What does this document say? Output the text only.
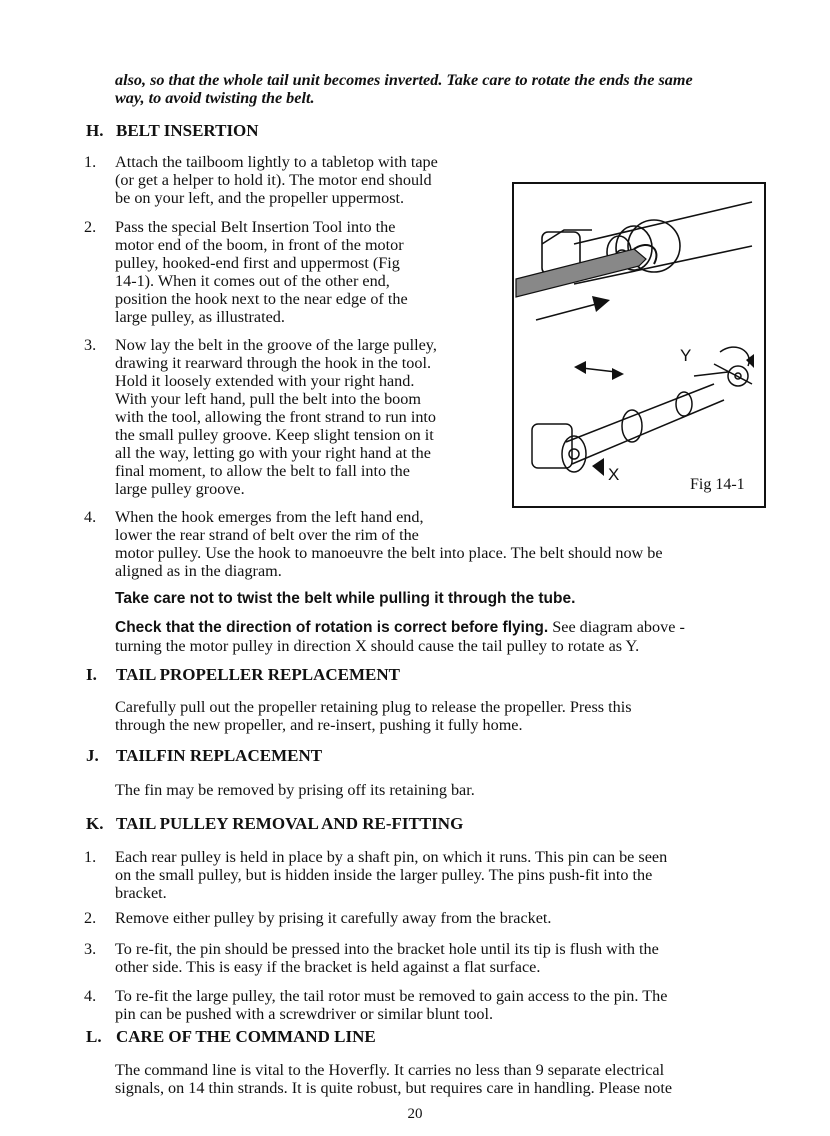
also, so that the whole tail unit becomes inverted. Take care to rotate the ends the same
way, to avoid twisting the belt.
H. BELT INSERTION
1. Attach the tailboom lightly to a tabletop with tape
(or get a helper to hold it). The motor end should
be on your left, and the propeller uppermost.
2. Pass the special Belt Insertion Tool into the
motor end of the boom, in front of the motor
pulley, hooked-end first and uppermost (Fig
14-1). When it comes out of the other end,
position the hook next to the near edge of the
large pulley, as illustrated.
3. Now lay the belt in the groove of the large pulley,
drawing it rearward through the hook in the tool.
Hold it loosely extended with your right hand.
With your left hand, pull the belt into the boom
with the tool, allowing the front strand to run into
the small pulley groove. Keep slight tension on it
all the way, letting go with your right hand at the
final moment, to allow the belt to fall into the
large pulley groove.
4. When the hook emerges from the left hand end,
lower the rear strand of belt over the rim of the
motor pulley. Use the hook to manoeuvre the belt into place. The belt should now be
aligned as in the diagram.
Take care not to twist the belt while pulling it through the tube.
Check that the direction of rotation is correct before flying. See diagram above -
turning the motor pulley in direction X should cause the tail pulley to rotate as Y.
Y
X
Fig 14-1
I. TAIL PROPELLER REPLACEMENT
Carefully pull out the propeller retaining plug to release the propeller. Press this
through the new propeller, and re-insert, pushing it fully home.
J. TAILFIN REPLACEMENT
The fin may be removed by prising off its retaining bar.
K. TAIL PULLEY REMOVAL AND RE-FITTING
1. Each rear pulley is held in place by a shaft pin, on which it runs. This pin can be seen
on the small pulley, but is hidden inside the larger pulley. The pins push-fit into the
bracket.
2. Remove either pulley by prising it carefully away from the bracket.
3. To re-fit, the pin should be pressed into the bracket hole until its tip is flush with the
other side. This is easy if the bracket is held against a flat surface.
4. To re-fit the large pulley, the tail rotor must be removed to gain access to the pin. The
pin can be pushed with a screwdriver or similar blunt tool.
L. CARE OF THE COMMAND LINE
The command line is vital to the Hoverfly. It carries no less than 9 separate electrical
signals, on 14 thin strands. It is quite robust, but requires care in handling. Please note
20
